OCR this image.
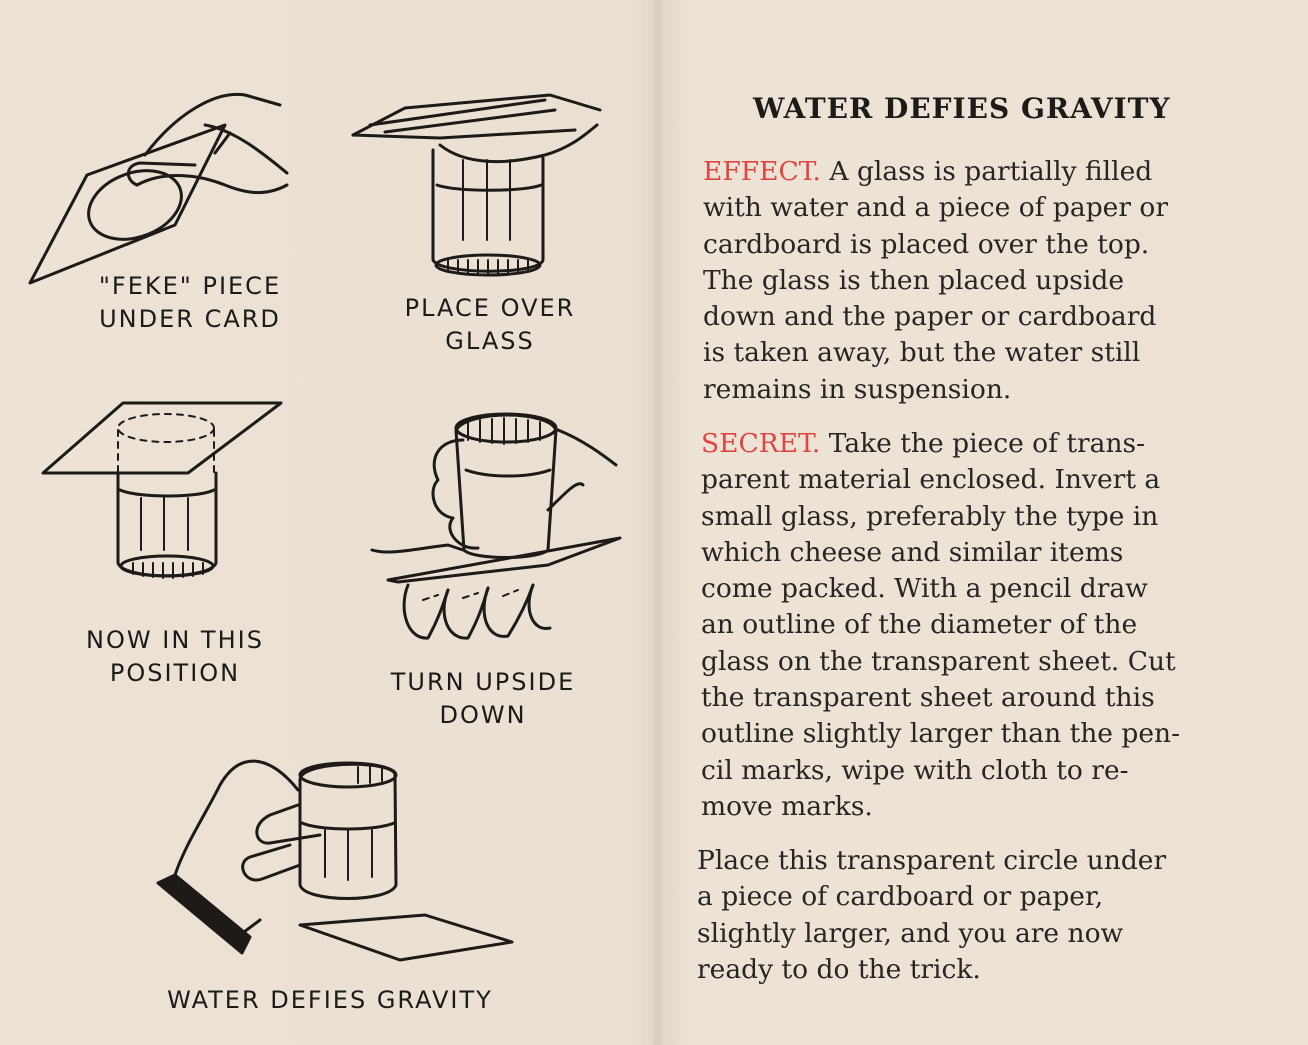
"FEKE" PIECE
UNDER CARD	PLACE OVER
GLASS
NOW IN THIS
POSITION	TURN UPSIDE
DOWN
WATER DEFIES GRAVITY
WATER DEFIES GRAVITY

EFFECT. A glass is partially filled
with water and a piece of paper or
cardboard is placed over the top.
The glass is then placed upside
down and the paper or cardboard
is taken away, but the water still
remains in suspension.

SECRET. Take the piece of trans-
parent material enclosed. Invert a
small glass, preferably the type in
which cheese and similar items
come packed. With a pencil draw
an outline of the diameter of the
glass on the transparent sheet. Cut
the transparent sheet around this
outline slightly larger than the pen-
cil marks, wipe with cloth to re-
move marks.

Place this transparent circle under
a piece of cardboard or paper,
slightly larger, and you are now
ready to do the trick.
